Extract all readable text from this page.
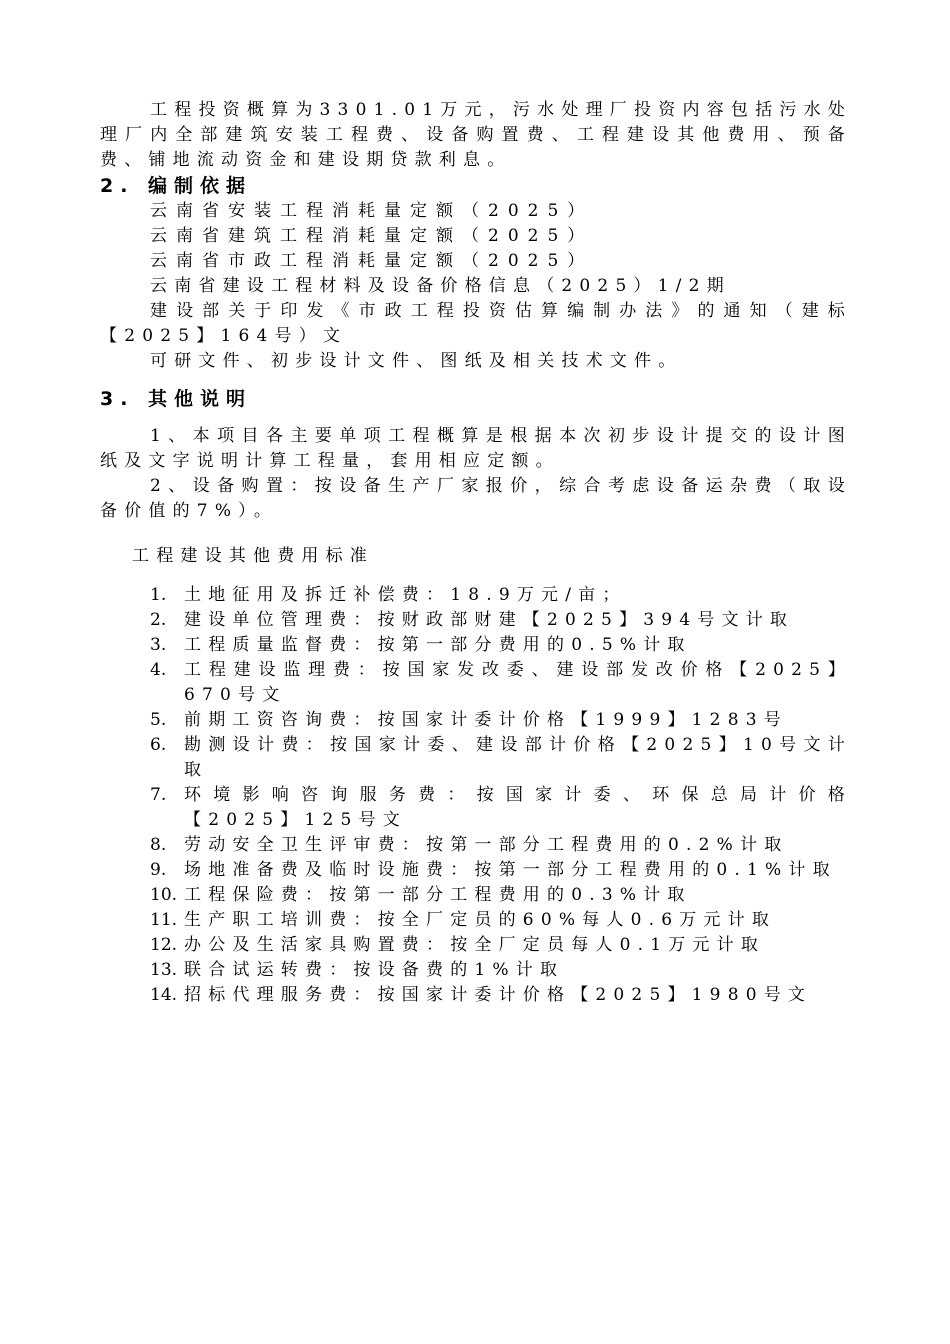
工程投资概算为3301.01万元，污水处理厂投资内容包括污水处理厂内全部建筑安装工程费、设备购置费、工程建设其他费用、预备费、铺地流动资金和建设期贷款利息。

2. 编制依据

云南省安装工程消耗量定额（2025）

云南省建筑工程消耗量定额（2025）

云南省市政工程消耗量定额（2025）

云南省建设工程材料及设备价格信息（2025）1/2期

建设部关于印发《市政工程投资估算编制办法》的通知（建标【2025】164号）文

可研文件、初步设计文件、图纸及相关技术文件。

3. 其他说明

1、本项目各主要单项工程概算是根据本次初步设计提交的设计图纸及文字说明计算工程量，套用相应定额。

2、设备购置：按设备生产厂家报价，综合考虑设备运杂费（取设备价值的7%）。

工程建设其他费用标准

1.	土地征用及拆迁补偿费：18.9万元/亩；
2.	建设单位管理费：按财政部财建【2025】394号文计取
3.	工程质量监督费：按第一部分费用的0.5%计取
4.	工程建设监理费：按国家发改委、建设部发改价格【2025】670号文
5.	前期工资咨询费：按国家计委计价格【1999】1283号
6.	勘测设计费：按国家计委、建设部计价格【2025】10号文计取
7.	环境影响咨询服务费：按国家计委、环保总局计价格【2025】125号文
8.	劳动安全卫生评审费：按第一部分工程费用的0.2%计取
9.	场地准备费及临时设施费：按第一部分工程费用的0.1%计取
10. 工程保险费：按第一部分工程费用的0.3%计取
11. 生产职工培训费：按全厂定员的60%每人0.6万元计取
12. 办公及生活家具购置费：按全厂定员每人0.1万元计取
13. 联合试运转费：按设备费的1%计取
14. 招标代理服务费：按国家计委计价格【2025】1980号文
